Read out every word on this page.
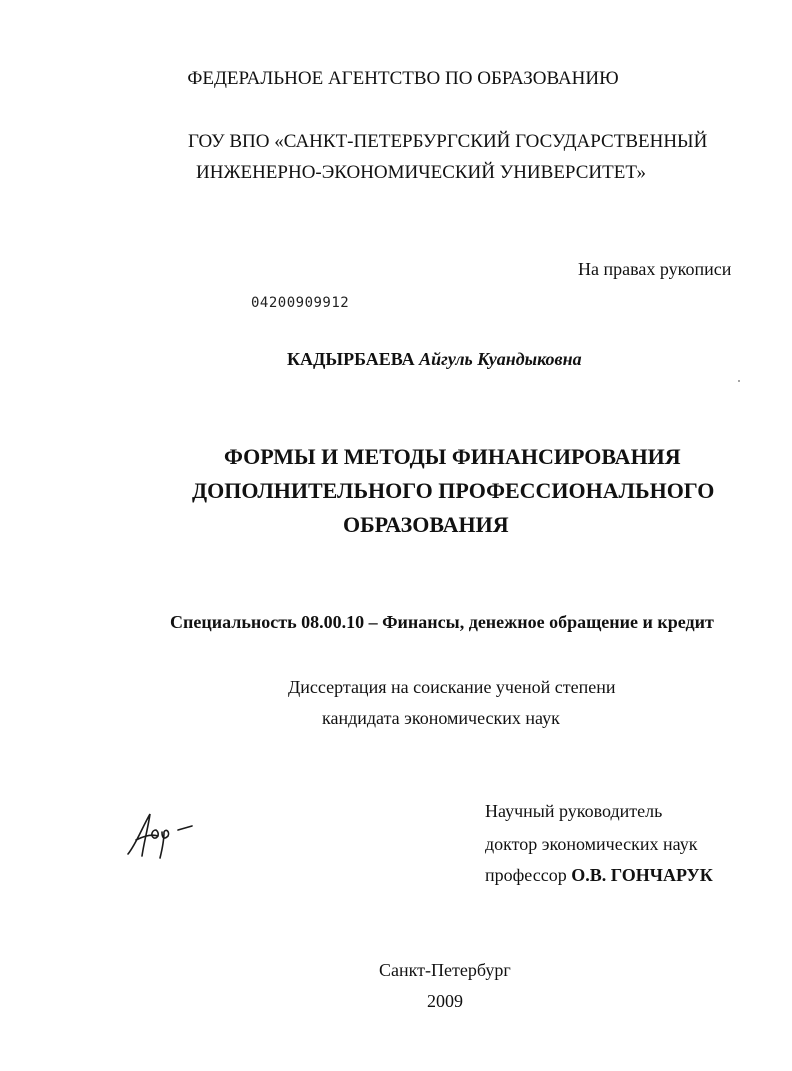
ФЕДЕРАЛЬНОЕ АГЕНТСТВО ПО ОБРАЗОВАНИЮ
ГОУ ВПО «САНКТ-ПЕТЕРБУРГСКИЙ ГОСУДАРСТВЕННЫЙ
ИНЖЕНЕРНО-ЭКОНОМИЧЕСКИЙ УНИВЕРСИТЕТ»
На правах рукописи
04200909912
КАДЫРБАЕВА Айгуль Куандыковна
ФОРМЫ И МЕТОДЫ ФИНАНСИРОВАНИЯ
ДОПОЛНИТЕЛЬНОГО ПРОФЕССИОНАЛЬНОГО
ОБРАЗОВАНИЯ
Специальность 08.00.10 – Финансы, денежное обращение и кредит
Диссертация на соискание ученой степени
кандидата экономических наук
Научный руководитель
доктор экономических наук
профессор О.В. ГОНЧАРУК
Санкт-Петербург
2009
